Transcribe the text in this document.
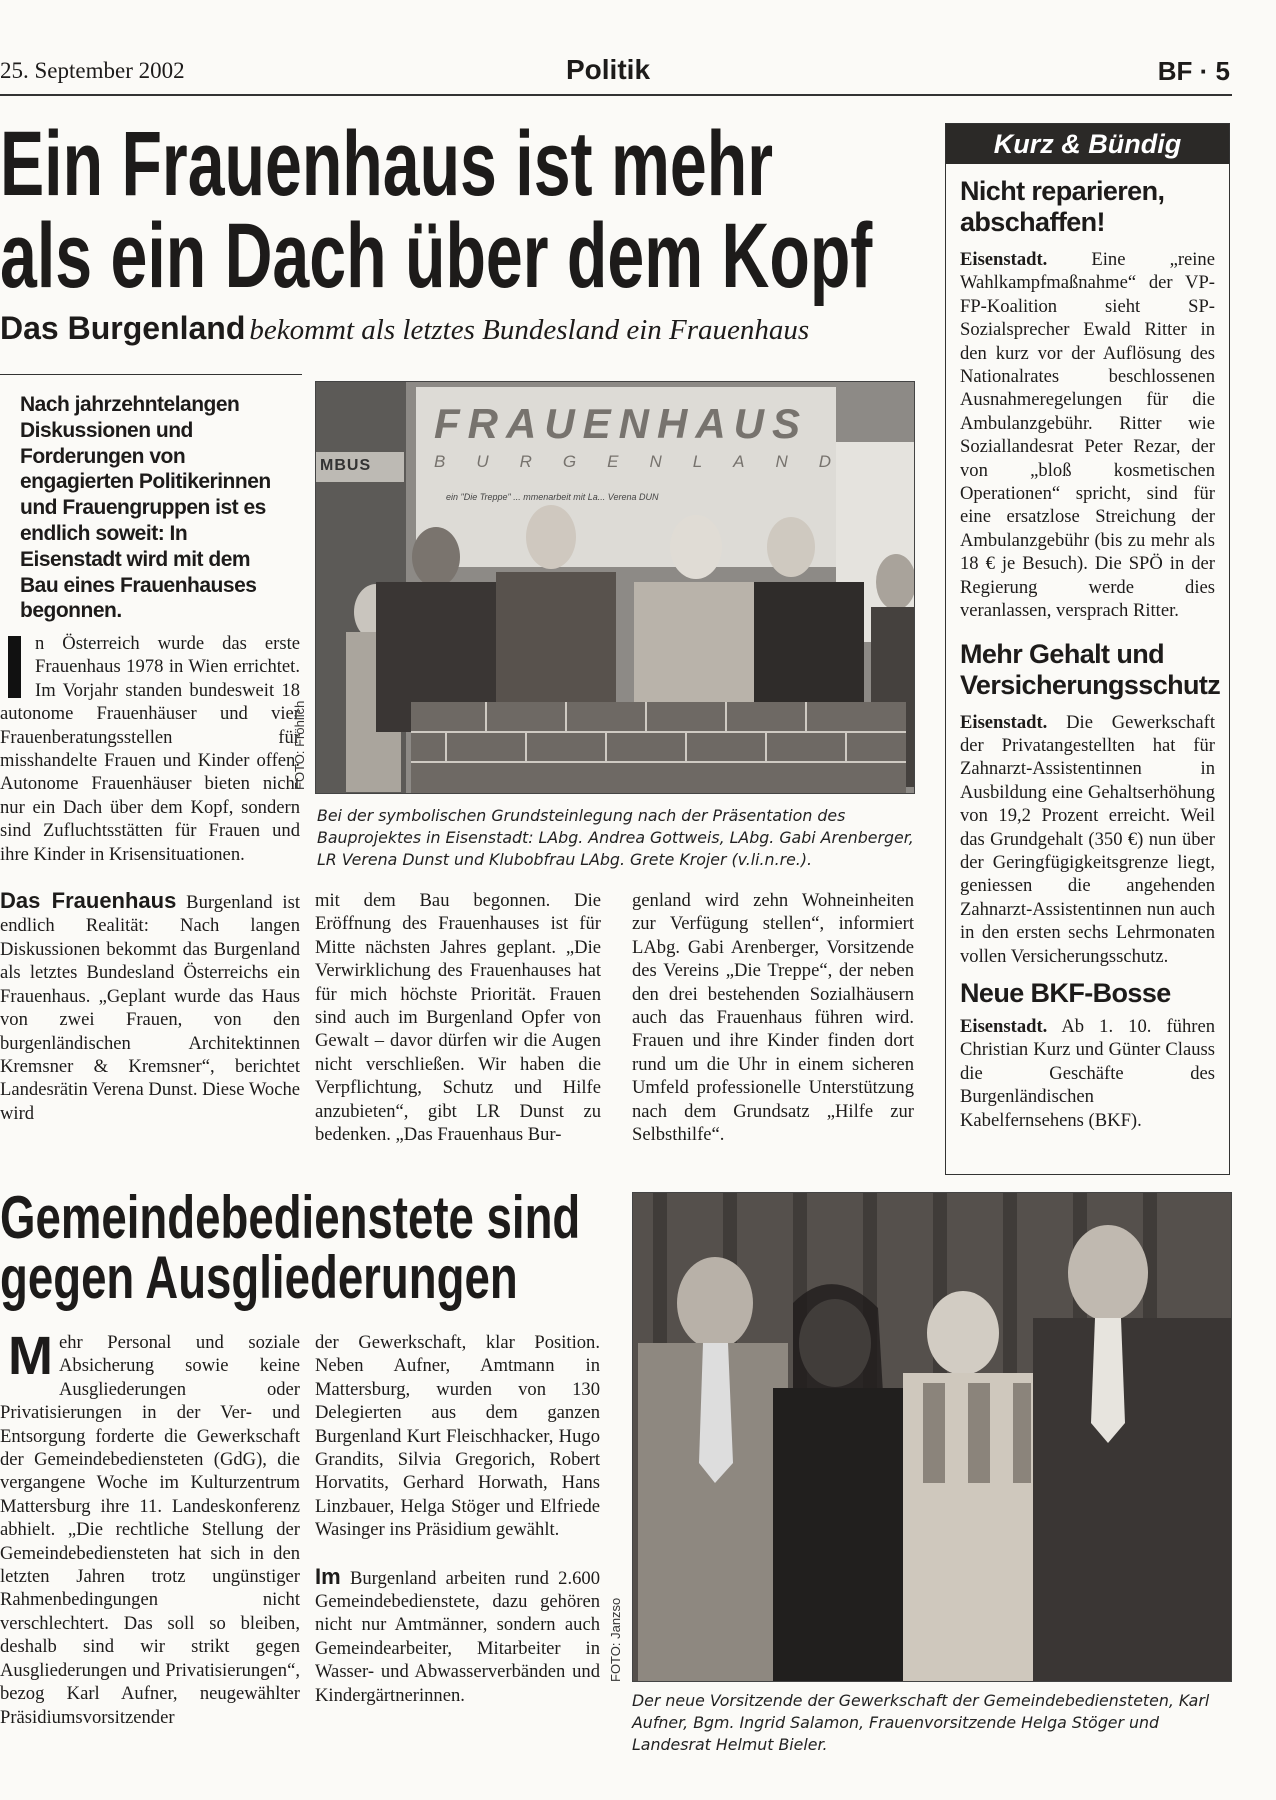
25. September 2002	Politik	BF · 5
Ein Frauenhaus ist mehr
als ein Dach über dem Kopf
Das Burgenland bekommt als letztes Bundesland ein Frauenhaus
Nach jahrzehntelangen Diskussionen und Forderungen von engagierten Politikerinnen und Frauengruppen ist es endlich soweit: In Eisenstadt wird mit dem Bau eines Frauenhauses begonnen.

n Österreich wurde das erste Frauenhaus 1978 in Wien errichtet. Im Vorjahr standen bundesweit 18 autonome Frauenhäuser und vier Frauenberatungsstellen für misshandelte Frauen und Kinder offen. Autonome Frauenhäuser bieten nicht nur ein Dach über dem Kopf, sondern sind Zufluchtsstätten für Frauen und ihre Kinder in Krisensituationen.

Das Frauenhaus Burgenland ist endlich Realität: Nach langen Diskussionen bekommt das Burgenland als letztes Bundesland Österreichs ein Frauenhaus. „Geplant wurde das Haus von zwei Frauen, von den burgenländischen Architektinnen Kremsner & Kremsner“, berichtet Landesrätin Verena Dunst. Diese Woche wird

MBUS
FRAUENHAUS
BURGENLAND
ein "Die Treppe" ... mmenarbeit mit La... Verena DUN
FOTO: Fröhlich
Bei der symbolischen Grundsteinlegung nach der Präsentation des Bauprojektes in Eisenstadt: LAbg. Andrea Gottweis, LAbg. Gabi Arenberger, LR Verena Dunst und Klubobfrau LAbg. Grete Krojer (v.li.n.re.).
mit dem Bau begonnen. Die Eröffnung des Frauenhauses ist für Mitte nächsten Jahres geplant. „Die Verwirklichung des Frauenhauses hat für mich höchste Priorität. Frauen sind auch im Burgenland Opfer von Gewalt – davor dürfen wir die Augen nicht verschließen. Wir haben die Verpflichtung, Schutz und Hilfe anzubieten“, gibt LR Dunst zu bedenken. „Das Frauenhaus Bur-
genland wird zehn Wohneinheiten zur Verfügung stellen“, informiert LAbg. Gabi Arenberger, Vorsitzende des Vereins „Die Treppe“, der neben den drei bestehenden Sozialhäusern auch das Frauenhaus führen wird. Frauen und ihre Kinder finden dort rund um die Uhr in einem sicheren Umfeld professionelle Unterstützung nach dem Grundsatz „Hilfe zur Selbsthilfe“.
Kurz & Bündig
Nicht reparieren, abschaffen!
Eisenstadt. Eine „reine Wahlkampfmaßnahme“ der VP-FP-Koalition sieht SP-Sozialsprecher Ewald Ritter in den kurz vor der Auflösung des Nationalrates beschlossenen Ausnahmeregelungen für die Ambulanzgebühr. Ritter wie Soziallandesrat Peter Rezar, der von „bloß kosmetischen Operationen“ spricht, sind für eine ersatzlose Streichung der Ambulanzgebühr (bis zu mehr als 18 € je Besuch). Die SPÖ in der Regierung werde dies veranlassen, versprach Ritter.
Mehr Gehalt und Versicherungsschutz
Eisenstadt. Die Gewerkschaft der Privatangestellten hat für Zahnarzt-Assistentinnen in Ausbildung eine Gehaltserhöhung von 19,2 Prozent erreicht. Weil das Grundgehalt (350 €) nun über der Geringfügigkeitsgrenze liegt, geniessen die angehenden Zahnarzt-Assistentinnen nun auch in den ersten sechs Lehrmonaten vollen Versicherungsschutz.
Neue BKF-Bosse
Eisenstadt. Ab 1. 10. führen Christian Kurz und Günter Clauss die Geschäfte des Burgenländischen Kabelfernsehens (BKF).
Gemeindebedienstete sind
gegen Ausgliederungen

Mehr Personal und soziale Absicherung sowie keine Ausgliederungen oder Privatisierungen in der Ver- und Entsorgung forderte die Gewerkschaft der Gemeindebediensteten (GdG), die vergangene Woche im Kulturzentrum Mattersburg ihre 11. Landeskonferenz abhielt. „Die rechtliche Stellung der Gemeindebediensteten hat sich in den letzten Jahren trotz ungünstiger Rahmenbedingungen nicht verschlechtert. Das soll so bleiben, deshalb sind wir strikt gegen Ausgliederungen und Privatisierungen“, bezog Karl Aufner, neugewählter Präsidiumsvorsitzender

der Gewerkschaft, klar Position. Neben Aufner, Amtmann in Mattersburg, wurden von 130 Delegierten aus dem ganzen Burgenland Kurt Fleischhacker, Hugo Grandits, Silvia Gregorich, Robert Horvatits, Gerhard Horwath, Hans Linzbauer, Helga Stöger und Elfriede Wasinger ins Präsidium gewählt.

Im Burgenland arbeiten rund 2.600 Gemeindebedienstete, dazu gehören nicht nur Amtmänner, sondern auch Gemeindearbeiter, Mitarbeiter in Wasser- und Abwasserverbänden und Kindergärtnerinnen.

FOTO: Janzso
Der neue Vorsitzende der Gewerkschaft der Gemeindebediensteten, Karl Aufner, Bgm. Ingrid Salamon, Frauenvorsitzende Helga Stöger und Landesrat Helmut Bieler.
